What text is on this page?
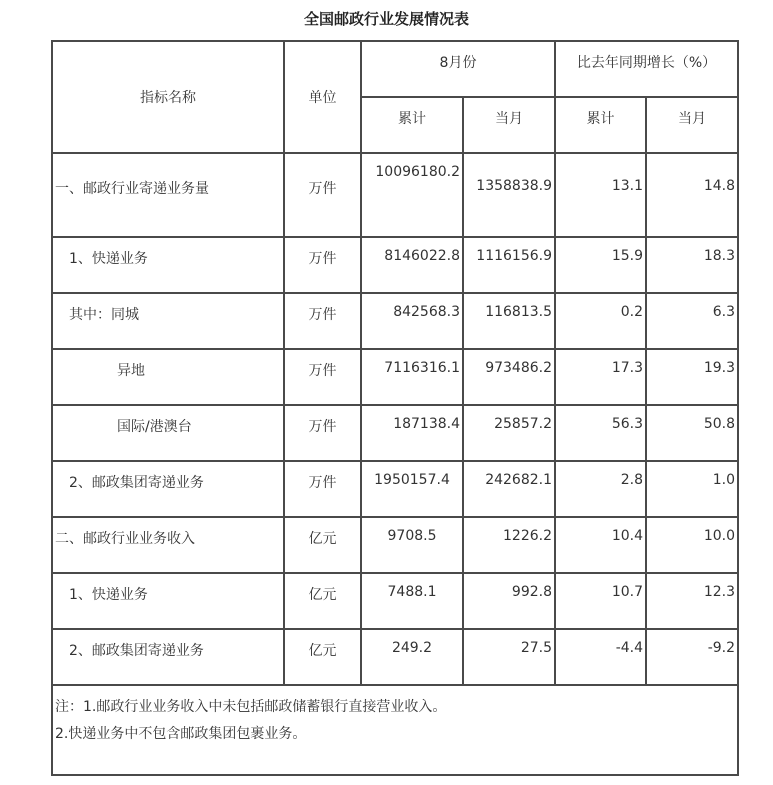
全国邮政行业发展情况表
指标名称	单位	8月份		比去年同期增长（%）	
		累计	当月	累计	当月
一、邮政行业寄递业务量	万件	10096180.2	1358838.9	13.1	14.8
1、快递业务	万件	8146022.8	1116156.9	15.9	18.3
其中：同城	万件	842568.3	116813.5	0.2	6.3
异地	万件	7116316.1	973486.2	17.3	19.3
国际/港澳台	万件	187138.4	25857.2	56.3	50.8
2、邮政集团寄递业务	万件	1950157.4	242682.1	2.8	1.0
二、邮政行业业务收入	亿元	9708.5	1226.2	10.4	10.0
1、快递业务	亿元	7488.1	992.8	10.7	12.3
2、邮政集团寄递业务	亿元	249.2	27.5	-4.4	-9.2

注：1.邮政行业业务收入中未包括邮政储蓄银行直接营业收入。
2.快递业务中不包含邮政集团包裹业务。					
